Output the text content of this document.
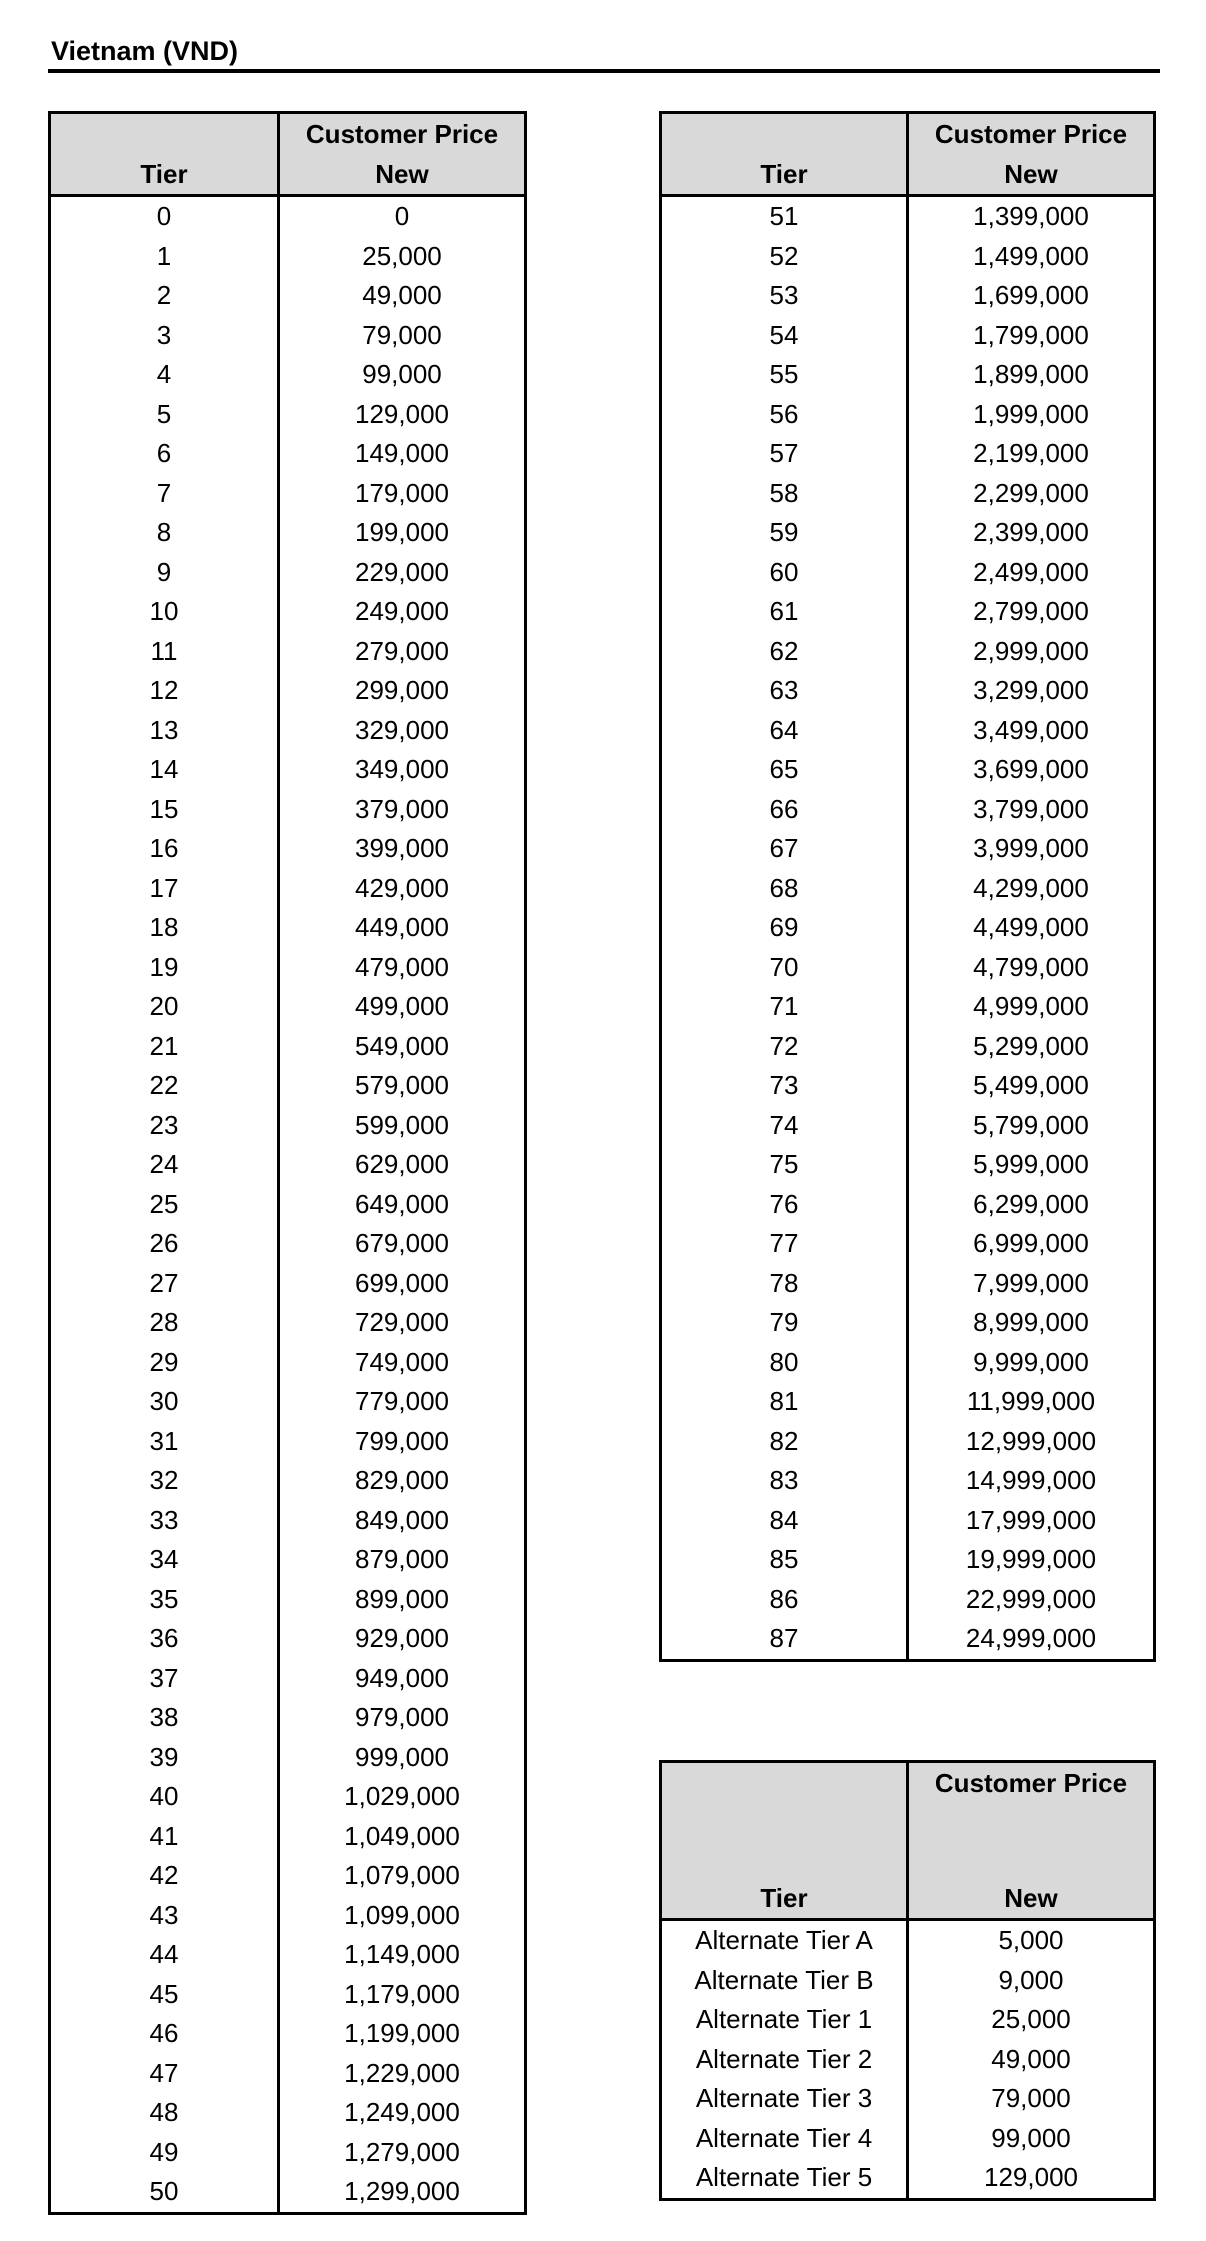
Vietnam (VND)
Tier	Customer Price
New

0	0
1	25,000
2	49,000
3	79,000
4	99,000
5	129,000
6	149,000
7	179,000
8	199,000
9	229,000
10	249,000
11	279,000
12	299,000
13	329,000
14	349,000
15	379,000
16	399,000
17	429,000
18	449,000
19	479,000
20	499,000
21	549,000
22	579,000
23	599,000
24	629,000
25	649,000
26	679,000
27	699,000
28	729,000
29	749,000
30	779,000
31	799,000
32	829,000
33	849,000
34	879,000
35	899,000
36	929,000
37	949,000
38	979,000
39	999,000
40	1,029,000
41	1,049,000
42	1,079,000
43	1,099,000
44	1,149,000
45	1,179,000
46	1,199,000
47	1,229,000
48	1,249,000
49	1,279,000
50	1,299,000
Tier	Customer Price
New

51	1,399,000
52	1,499,000
53	1,699,000
54	1,799,000
55	1,899,000
56	1,999,000
57	2,199,000
58	2,299,000
59	2,399,000
60	2,499,000
61	2,799,000
62	2,999,000
63	3,299,000
64	3,499,000
65	3,699,000
66	3,799,000
67	3,999,000
68	4,299,000
69	4,499,000
70	4,799,000
71	4,999,000
72	5,299,000
73	5,499,000
74	5,799,000
75	5,999,000
76	6,299,000
77	6,999,000
78	7,999,000
79	8,999,000
80	9,999,000
81	11,999,000
82	12,999,000
83	14,999,000
84	17,999,000
85	19,999,000
86	22,999,000
87	24,999,000
Tier	Customer Price
New

Alternate Tier A	5,000
Alternate Tier B	9,000
Alternate Tier 1	25,000
Alternate Tier 2	49,000
Alternate Tier 3	79,000
Alternate Tier 4	99,000
Alternate Tier 5	129,000
